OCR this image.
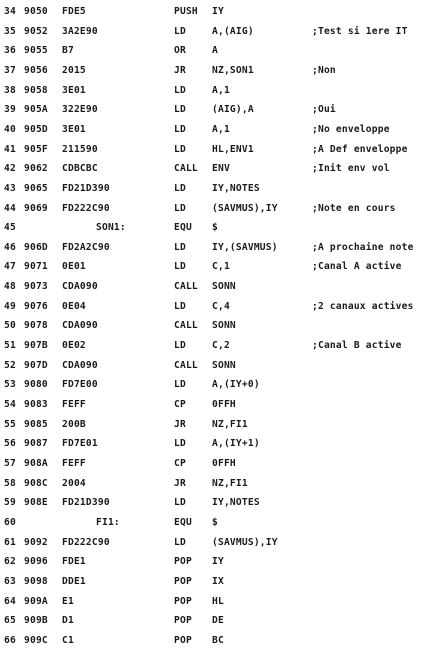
34 9050 FDE5	PUSH IY
35 9052 3A2E90	LD	A,(AIG)	;Test si 1ere IT
36 9055 B7	OR	A
37 9056 2015	JR	NZ,SON1	;Non
38 9058 3E01	LD	A,1
39 905A 322E90	LD	(AIG),A	;Oui
40 905D 3E01	LD	A,1	;No enveloppe
41 905F 211590	LD	HL,ENV1	;A Def enveloppe
42 9062 CDBCBC	CALL ENV	;Init env vol
43 9065 FD21D390	LD	IY,NOTES
44 9069 FD222C90	LD	(SAVMUS),IY	;Note en cours
45	SON1:	EQU $
46 906D FD2A2C90	LD	IY,(SAVMUS)	;A prochaine note
47 9071 0E01	LD	C,1	;Canal A active
48 9073 CDA090	CALL SONN
49 9076 0E04	LD	C,4	;2 canaux actives
50 9078 CDA090	CALL SONN
51 907B 0E02	LD	C,2	;Canal B active
52 907D CDA090	CALL SONN
53 9080 FD7E00	LD	A,(IY+0)
54 9083 FEFF	CP	0FFH
55 9085 200B	JR	NZ,FI1
56 9087 FD7E01	LD	A,(IY+1)
57 908A FEFF	CP	0FFH
58 908C 2004	JR	NZ,FI1
59 908E FD21D390	LD	IY,NOTES
60	FI1:	EQU $
61 9092 FD222C90	LD	(SAVMUS),IY
62 9096 FDE1	POP IY
63 9098 DDE1	POP IX
64 909A E1	POP HL
65 909B D1	POP DE
66 909C C1	POP BC
